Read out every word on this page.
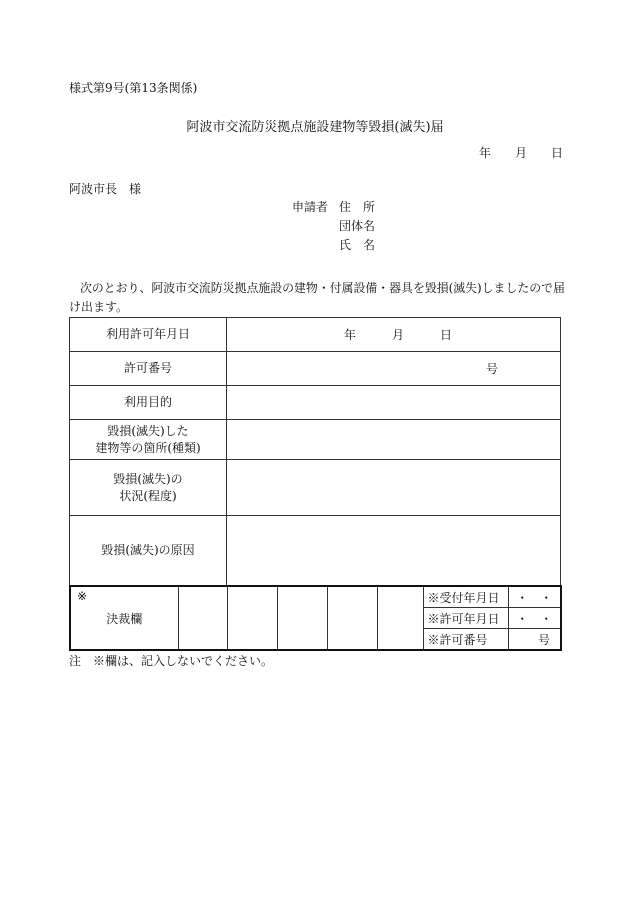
様式第9号(第13条関係)
阿波市交流防災拠点施設建物等毀損(滅失)届
年　　月　　日
阿波市長　様
申請者 住　所
団体名
氏　名
次のとおり、阿波市交流防災拠点施設の建物・付属設備・器具を毀損(滅失)しましたので届
け出ます。
利用許可年月日	年　　　月　　　日

許可番号	号

利用目的	

毀損(滅失)した
建物等の箇所(種類)	

毀損(滅失)の
状況(程度)	

毀損(滅失)の原因	
※
決裁欄						※受付年月日	・　・
						※許可年月日	・　・
						※許可番号	号
注　※欄は、記入しないでください。
